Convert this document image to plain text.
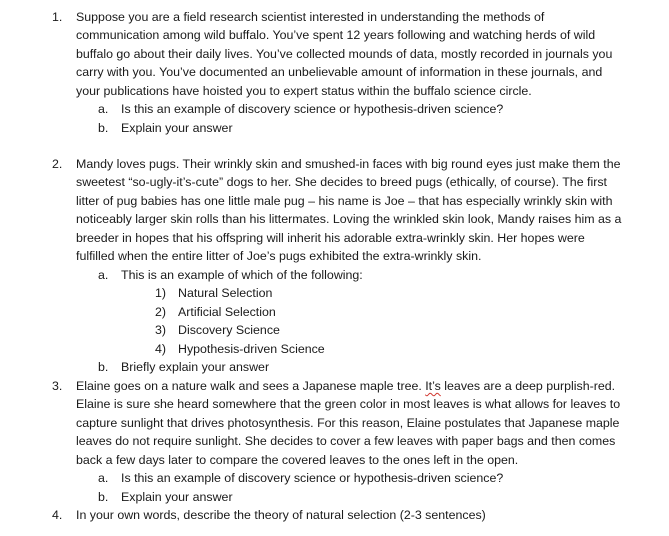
1. Suppose you are a field research scientist interested in understanding the methods of communication among wild buffalo. You’ve spent 12 years following and watching herds of wild buffalo go about their daily lives. You’ve collected mounds of data, mostly recorded in journals you carry with you. You’ve documented an unbelievable amount of information in these journals, and your publications have hoisted you to expert status within the buffalo science circle.
a. Is this an example of discovery science or hypothesis-driven science?
b. Explain your answer
2. Mandy loves pugs. Their wrinkly skin and smushed-in faces with big round eyes just make them the sweetest “so-ugly-it’s-cute” dogs to her. She decides to breed pugs (ethically, of course). The first litter of pug babies has one little male pug – his name is Joe – that has especially wrinkly skin with noticeably larger skin rolls than his littermates. Loving the wrinkled skin look, Mandy raises him as a breeder in hopes that his offspring will inherit his adorable extra-wrinkly skin. Her hopes were fulfilled when the entire litter of Joe’s pugs exhibited the extra-wrinkly skin.
a. This is an example of which of the following:
1) Natural Selection
2) Artificial Selection
3) Discovery Science
4) Hypothesis-driven Science
b. Briefly explain your answer
3. Elaine goes on a nature walk and sees a Japanese maple tree. It’s leaves are a deep purplish-red. Elaine is sure she heard somewhere that the green color in most leaves is what allows for leaves to capture sunlight that drives photosynthesis. For this reason, Elaine postulates that Japanese maple leaves do not require sunlight. She decides to cover a few leaves with paper bags and then comes back a few days later to compare the covered leaves to the ones left in the open.
a. Is this an example of discovery science or hypothesis-driven science?
b. Explain your answer
4. In your own words, describe the theory of natural selection (2-3 sentences)
